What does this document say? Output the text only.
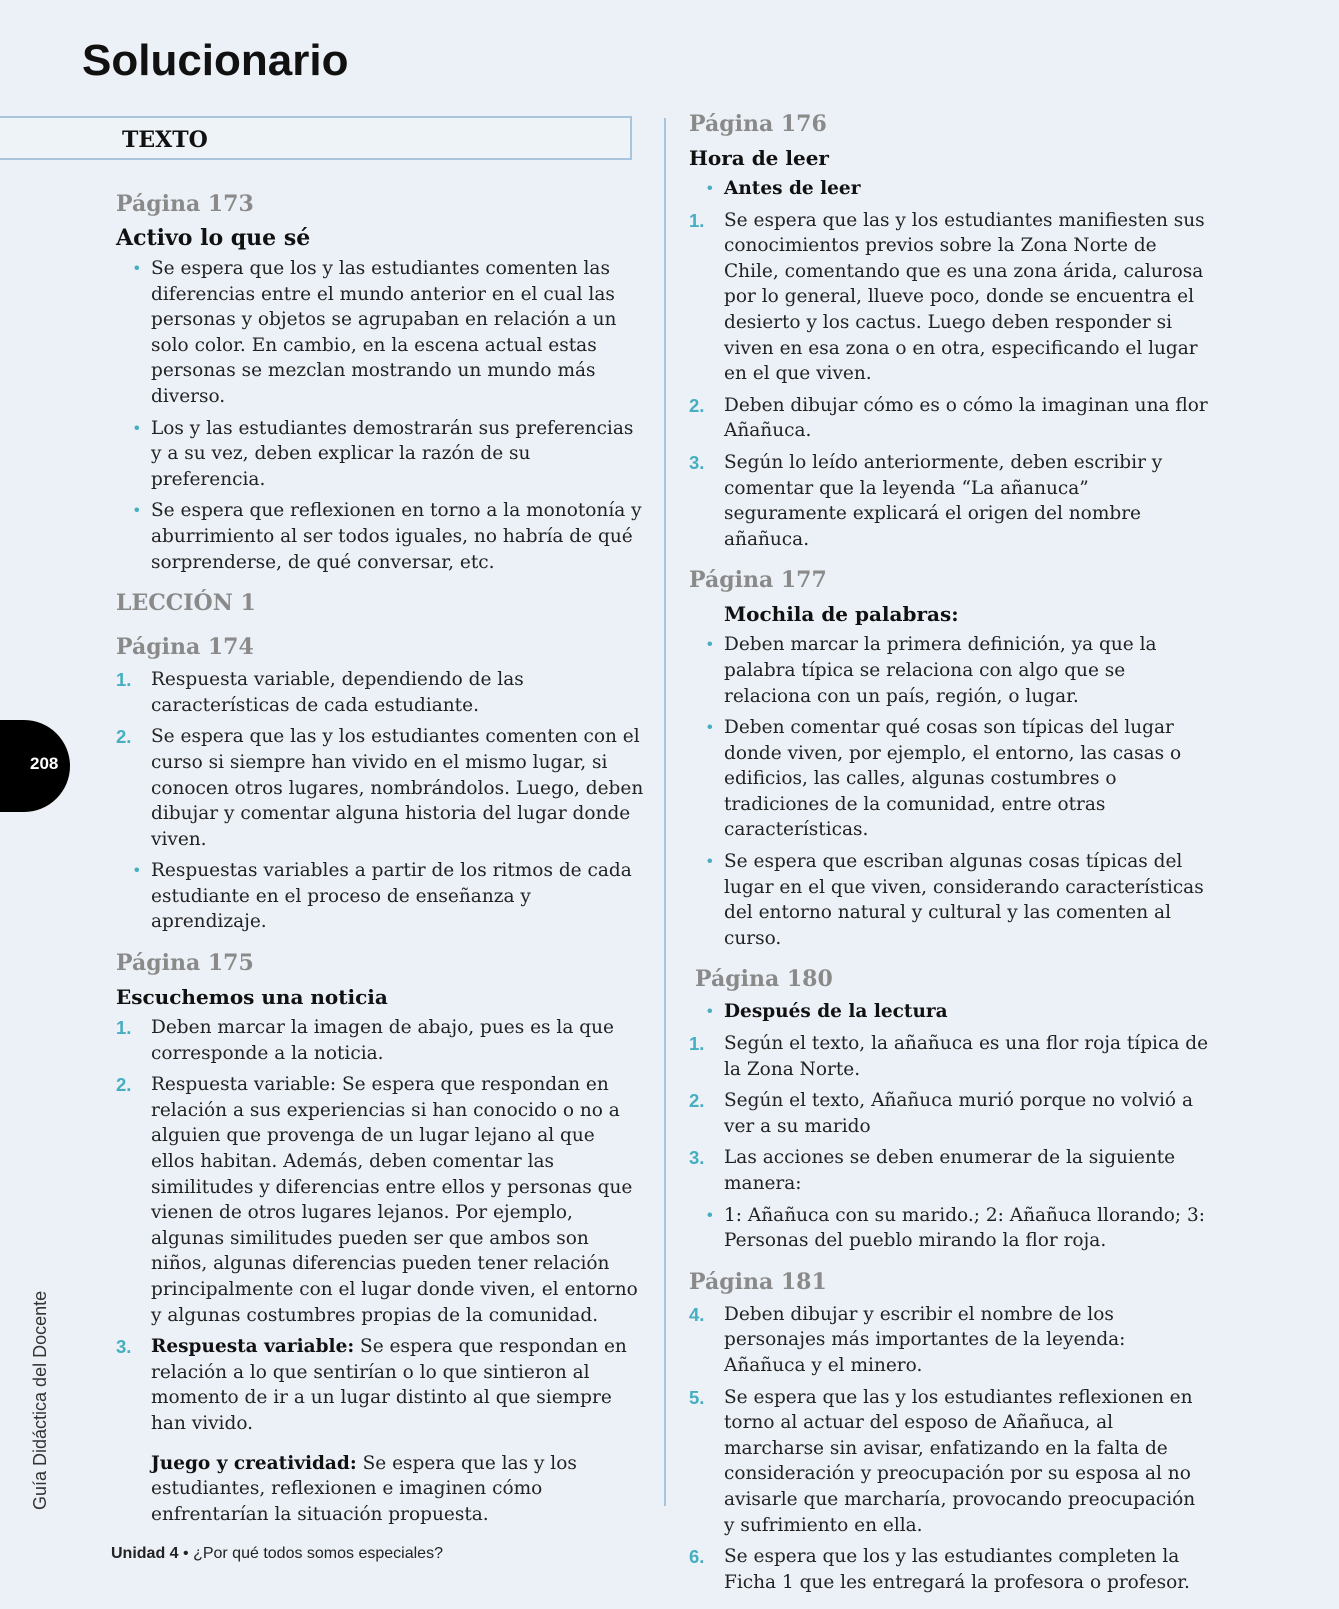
Solucionario
TEXTO
Página 173
Activo lo que sé
• Se espera que los y las estudiantes comenten las diferencias entre el mundo anterior en el cual las personas y objetos se agrupaban en relación a un solo color. En cambio, en la escena actual estas personas se mezclan mostrando un mundo más diverso.
• Los y las estudiantes demostrarán sus preferencias y a su vez, deben explicar la razón de su preferencia.
• Se espera que reflexionen en torno a la monotonía y aburrimiento al ser todos iguales, no habría de qué sorprenderse, de qué conversar, etc.
LECCIÓN 1
Página 174
1. Respuesta variable, dependiendo de las características de cada estudiante.
2. Se espera que las y los estudiantes comenten con el curso si siempre han vivido en el mismo lugar, si conocen otros lugares, nombrándolos. Luego, deben dibujar y comentar alguna historia del lugar donde viven.
• Respuestas variables a partir de los ritmos de cada estudiante en el proceso de enseñanza y aprendizaje.
Página 175
Escuchemos una noticia
1. Deben marcar la imagen de abajo, pues es la que corresponde a la noticia.
2. Respuesta variable: Se espera que respondan en relación a sus experiencias si han conocido o no a alguien que provenga de un lugar lejano al que ellos habitan. Además, deben comentar las similitudes y diferencias entre ellos y personas que vienen de otros lugares lejanos. Por ejemplo, algunas similitudes pueden ser que ambos son niños, algunas diferencias pueden tener relación principalmente con el lugar donde viven, el entorno y algunas costumbres propias de la comunidad.
3. Respuesta variable: Se espera que respondan en relación a lo que sentirían o lo que sintieron al momento de ir a un lugar distinto al que siempre han vivido.

Juego y creatividad: Se espera que las y los estudiantes, reflexionen e imaginen cómo enfrentarían la situación propuesta.

Página 176
Hora de leer
• Antes de leer
1. Se espera que las y los estudiantes manifiesten sus conocimientos previos sobre la Zona Norte de Chile, comentando que es una zona árida, calurosa por lo general, llueve poco, donde se encuentra el desierto y los cactus. Luego deben responder si viven en esa zona o en otra, especificando el lugar en el que viven.
2. Deben dibujar cómo es o cómo la imaginan una flor Añañuca.
3. Según lo leído anteriormente, deben escribir y comentar que la leyenda “La añanuca” seguramente explicará el origen del nombre añañuca.
Página 177
Mochila de palabras:
• Deben marcar la primera definición, ya que la palabra típica se relaciona con algo que se relaciona con un país, región, o lugar.
• Deben comentar qué cosas son típicas del lugar donde viven, por ejemplo, el entorno, las casas o edificios, las calles, algunas costumbres o tradiciones de la comunidad, entre otras características.
• Se espera que escriban algunas cosas típicas del lugar en el que viven, considerando características del entorno natural y cultural y las comenten al curso.
Página 180
• Después de la lectura
1. Según el texto, la añañuca es una flor roja típica de la Zona Norte.
2. Según el texto, Añañuca murió porque no volvió a ver a su marido
3. Las acciones se deben enumerar de la siguiente manera:
• 1: Añañuca con su marido.; 2: Añañuca llorando; 3: Personas del pueblo mirando la flor roja.
Página 181
4. Deben dibujar y escribir el nombre de los personajes más importantes de la leyenda: Añañuca y el minero.
5. Se espera que las y los estudiantes reflexionen en torno al actuar del esposo de Añañuca, al marcharse sin avisar, enfatizando en la falta de consideración y preocupación por su esposa al no avisarle que marcharía, provocando preocupación y sufrimiento en ella.
6. Se espera que los y las estudiantes completen la Ficha 1 que les entregará la profesora o profesor.
208
Guía Didáctica del Docente
Unidad 4 • ¿Por qué todos somos especiales?
